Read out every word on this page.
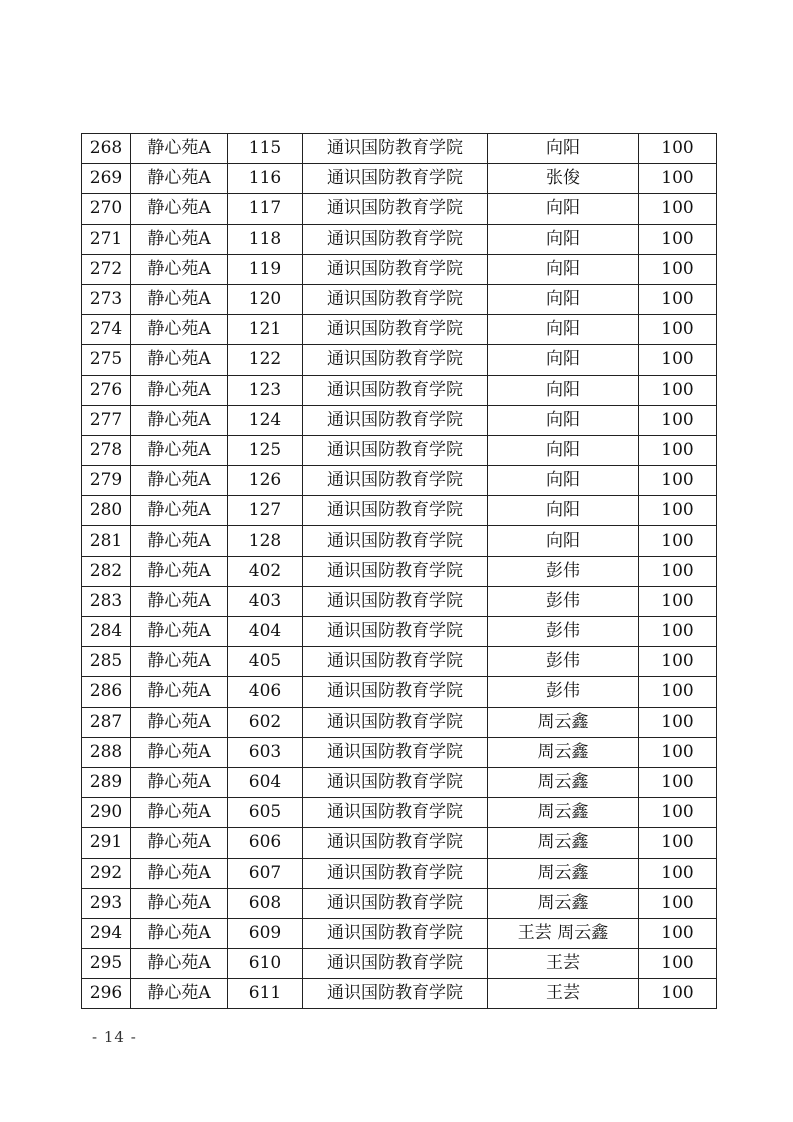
268	静心苑A	115	通识国防教育学院	向阳	100
269	静心苑A	116	通识国防教育学院	张俊	100
270	静心苑A	117	通识国防教育学院	向阳	100
271	静心苑A	118	通识国防教育学院	向阳	100
272	静心苑A	119	通识国防教育学院	向阳	100
273	静心苑A	120	通识国防教育学院	向阳	100
274	静心苑A	121	通识国防教育学院	向阳	100
275	静心苑A	122	通识国防教育学院	向阳	100
276	静心苑A	123	通识国防教育学院	向阳	100
277	静心苑A	124	通识国防教育学院	向阳	100
278	静心苑A	125	通识国防教育学院	向阳	100
279	静心苑A	126	通识国防教育学院	向阳	100
280	静心苑A	127	通识国防教育学院	向阳	100
281	静心苑A	128	通识国防教育学院	向阳	100
282	静心苑A	402	通识国防教育学院	彭伟	100
283	静心苑A	403	通识国防教育学院	彭伟	100
284	静心苑A	404	通识国防教育学院	彭伟	100
285	静心苑A	405	通识国防教育学院	彭伟	100
286	静心苑A	406	通识国防教育学院	彭伟	100
287	静心苑A	602	通识国防教育学院	周云鑫	100
288	静心苑A	603	通识国防教育学院	周云鑫	100
289	静心苑A	604	通识国防教育学院	周云鑫	100
290	静心苑A	605	通识国防教育学院	周云鑫	100
291	静心苑A	606	通识国防教育学院	周云鑫	100
292	静心苑A	607	通识国防教育学院	周云鑫	100
293	静心苑A	608	通识国防教育学院	周云鑫	100
294	静心苑A	609	通识国防教育学院	王芸 周云鑫	100
295	静心苑A	610	通识国防教育学院	王芸	100
296	静心苑A	611	通识国防教育学院	王芸	100
- 14 -
